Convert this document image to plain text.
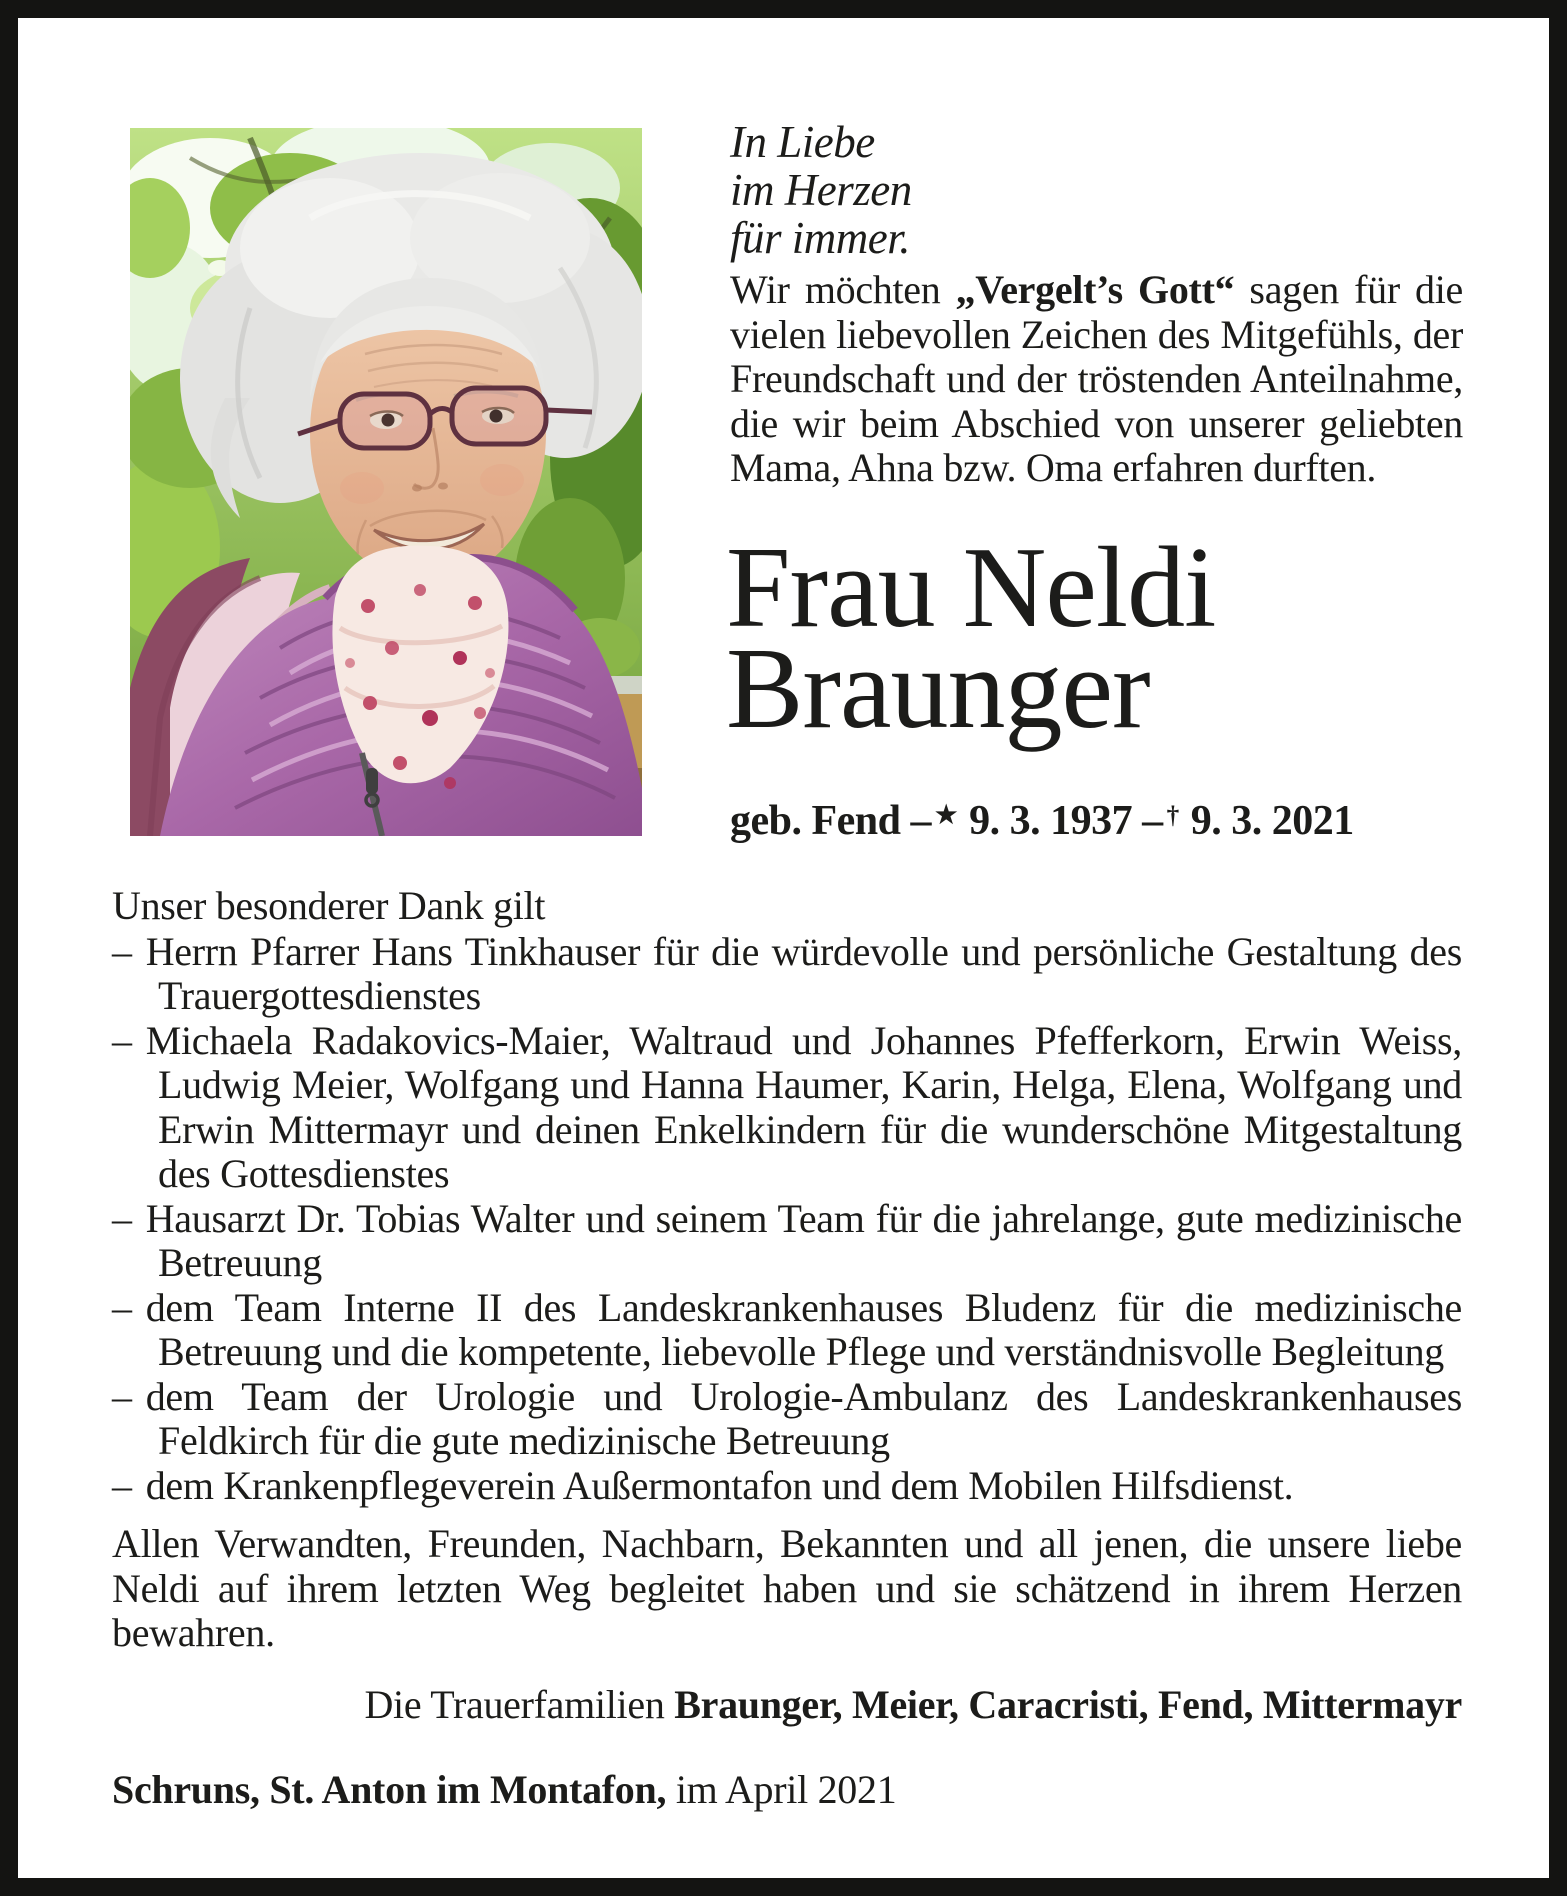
In Liebe
im Herzen
für immer.

Wir möchten „Vergelt’s Gott“ sagen für die vielen liebevollen Zeichen des Mitgefühls, der Freundschaft und der tröstenden Anteilnahme, die wir beim Abschied von unserer geliebten Mama, Ahna bzw. Oma erfahren durften.

Frau Neldi
Braunger
geb. Fend – ★ 9. 3. 1937 – † 9. 3. 2021

Unser besonderer Dank gilt

– Herrn Pfarrer Hans Tinkhauser für die würdevolle und persönliche Gestaltung des Trauergottesdienstes
– Michaela Radakovics-Maier, Waltraud und Johannes Pfefferkorn, Erwin Weiss, Ludwig Meier, Wolfgang und Hanna Haumer, Karin, Helga, Elena, Wolfgang und Erwin Mittermayr und deinen Enkelkindern für die wunderschöne Mitgestaltung des Gottesdienstes
– Hausarzt Dr. Tobias Walter und seinem Team für die jahrelange, gute medizinische Betreuung
– dem Team Interne II des Landeskrankenhauses Bludenz für die medizinische Betreuung und die kompetente, liebevolle Pflege und verständnisvolle Begleitung
– dem Team der Urologie und Urologie-Ambulanz des Landeskrankenhauses Feldkirch für die gute medizinische Betreuung
– dem Krankenpflegeverein Außermontafon und dem Mobilen Hilfsdienst.

Allen Verwandten, Freunden, Nachbarn, Bekannten und all jenen, die unsere liebe Neldi auf ihrem letzten Weg begleitet haben und sie schätzend in ihrem Herzen bewahren.

Die Trauerfamilien Braunger, Meier, Caracristi, Fend, Mittermayr

Schruns, St. Anton im Montafon, im April 2021
